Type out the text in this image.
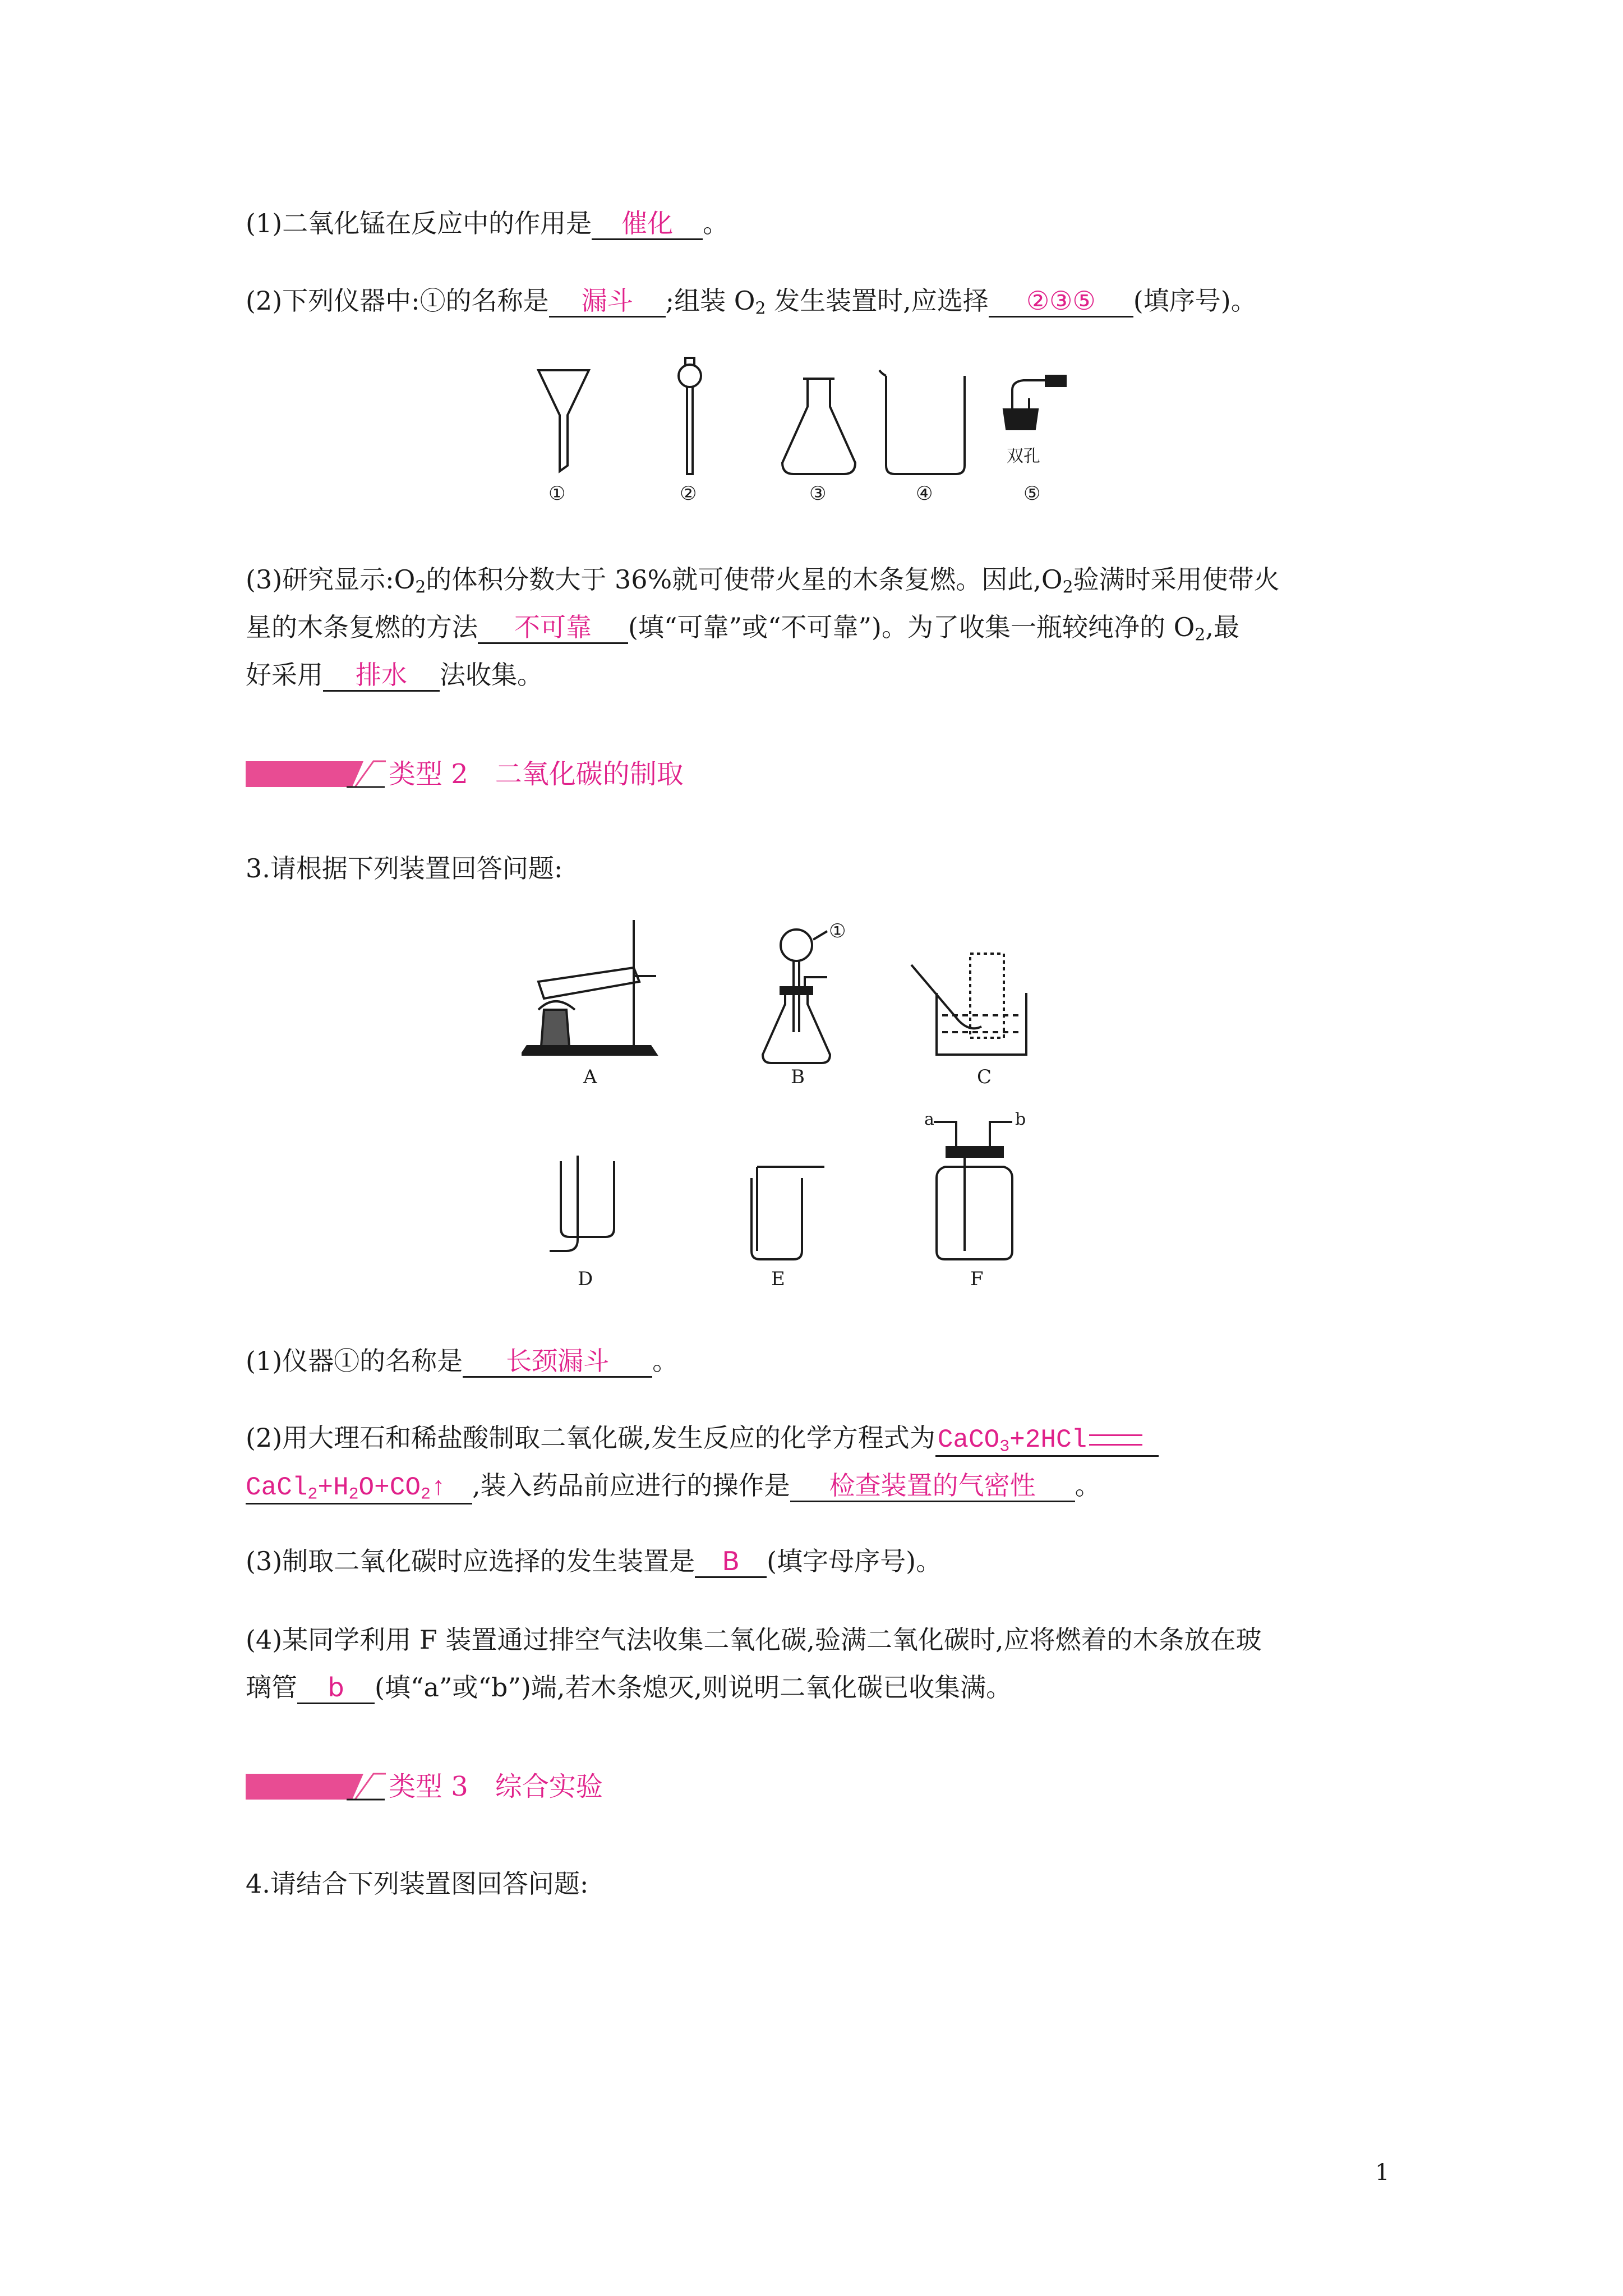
(1)二氧化锰在反应中的作用是 催化 。
(2)下列仪器中:①的名称是 漏斗 ;组装 $O_2$ 发生装置时,应选择 ②③⑤ (填序号)。
①	②	③	④	⑤
双孔
(3)研究显示$:O_2$的体积分数大于 36%就可使带火星的木条复燃。因此$,O_2$验满时采用使带火
星的木条复燃的方法 不可靠 (填“可靠”或“不可靠”)。为了收集一瓶较纯净的 $O_2$,最
好采用 排水 法收集。
类型 2　二氧化碳的制取
3.请根据下列装置回答问题:
A	B	C
D	E	F
①
a	b
(1)仪器①的名称是 长颈漏斗 。
(2)用大理石和稀盐酸制取二氧化碳,发生反应的化学方程式为CaCO$_3$+2HCl
$CaCl_2+H_2O+CO_2↑$ ,装入药品前应进行的操作是 检查装置的气密性 。
(3)制取二氧化碳时应选择的发生装置是 B (填字母序号)。
(4)某同学利用 F 装置通过排空气法收集二氧化碳,验满二氧化碳时,应将燃着的木条放在玻
璃管 b (填“a”或“b”)端,若木条熄灭,则说明二氧化碳已收集满。
类型 3　综合实验
4.请结合下列装置图回答问题:
1
